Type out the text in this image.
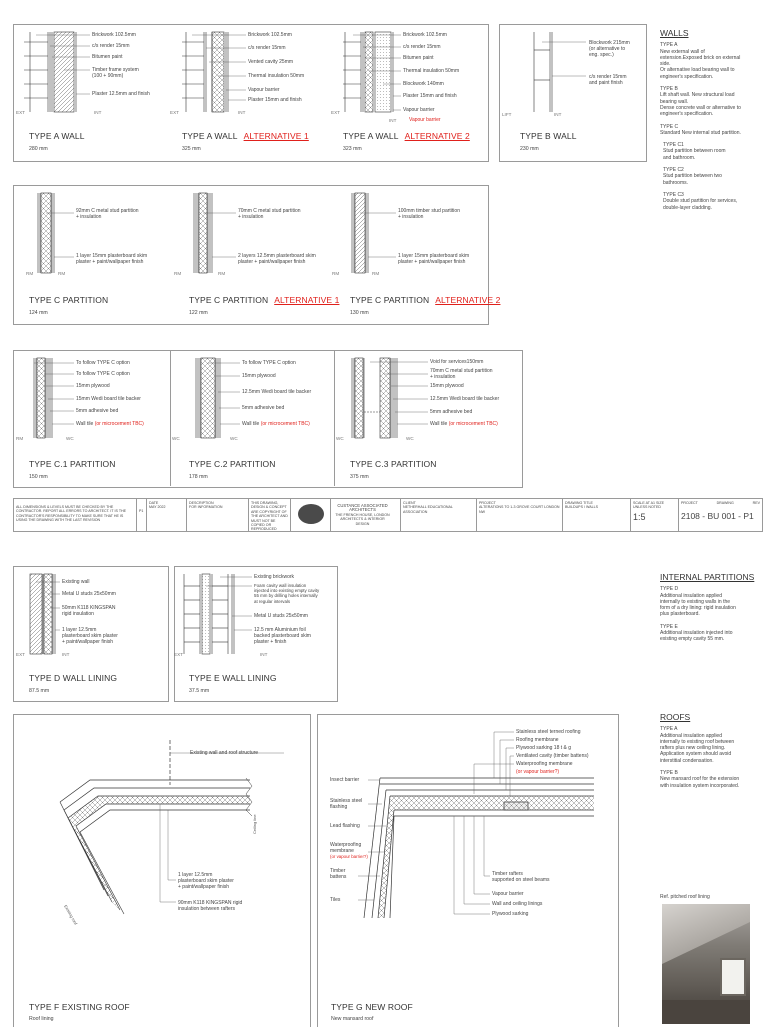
Brickwork 102.5mm
c/s render 15mm
Bitumen paint
Timber frame system
(100 + 90mm)
Plaster 12.5mm and finish
EXT	INT
TYPE A WALL
280 mm
Brickwork 102.5mm
c/s render 15mm
Vented cavity 25mm
Thermal insulation 50mm
Vapour barrier
Plaster 15mm and finish
EXT	INT
TYPE A WALL ALTERNATIVE 1
325 mm
Brickwork 102.5mm
c/s render 15mm
Bitumen paint
Thermal insulation 50mm
Blockwork 140mm
Plaster 15mm and finish
Vapour barrier
Vapour barrier
EXT
INT
TYPE A WALL ALTERNATIVE 2
323 mm
Blockwork 215mm
(or alternative to
eng. spec.)
c/s render 15mm
and paint finish
LIFT	INT
TYPE B WALL
230 mm
92mm C metal stud partition
+ insulation
1 layer 15mm plasterboard skim
plaster + paint/wallpaper finish
RM	RM
TYPE C PARTITION
124 mm
70mm C metal stud partition
+ insulation
2 layers 12.5mm plasterboard skim
plaster + paint/wallpaper finish
RM	RM
TYPE C PARTITION ALTERNATIVE 1
122 mm
100mm timber stud partition
+ insulation
1 layer 15mm plasterboard skim
plaster + paint/wallpaper finish
RM	RM
TYPE C PARTITION ALTERNATIVE 2
130 mm
To follow TYPE C option
To follow TYPE C option
15mm plywood
15mm Wedi board tile backer
5mm adhesive bed
Wall tile (or microcement TBC)
RM	WC
TYPE C.1 PARTITION
150 mm
To follow TYPE C option
15mm plywood
12.5mm Wedi board tile backer
5mm adhesive bed
Wall tile (or microcement TBC)
WC	WC
TYPE C.2 PARTITION
178 mm
Void for services150mm
70mm C metal stud partition
+ insulation
15mm plywood
12.5mm Wedi board tile backer
5mm adhesive bed
Wall tile (or microcement TBC)
WC	WC
TYPE C.3 PARTITION
375 mm
WALLS
TYPE A
New external wall of
extension.Exposed brick on external
side.
Or alternative load bearing wall to
engineer's specification.
TYPE B
Lift shaft wall. New structural load
bearing wall.
Dense concrete wall or alternative to
engineer's specification.
TYPE C
Standard New internal stud partition.
TYPE C1
Stud partition between room
and bathroom.
TYPE C2
Stud partition between two
bathrooms.
TYPE C3
Double stud partition for services,
double-layer cladding.
ALL DIMENSIONS & LEVELS MUST BE CHECKED BY THE CONTRACTOR. REPORT ALL ERRORS TO ARCHITECT. IT IS THE CONTRACTOR'S RESPONSIBILITY TO MAKE SURE THAT HE IS USING THE DRAWING WITH THE LAST REVISION
P1
DATE
MAY 2022
DESCRIPTION
FOR INFORMATION
THIS DRAWING, DESIGN & CONCEPT ARE COPYRIGHT OF THE ARCHITECT AND MUST NOT BE COPIED OR REPRODUCED
CUSTANCE ASSOCIATED ARCHITECTS
THE FRENCH HOUSE, LONDON ARCHITECTS & INTERIOR DESIGN
CLIENT
NETHERHALL EDUCATIONAL ASSOCIATION
PROJECT
ALTERATIONS TO 1-3 GROVE COURT LONDON NW
DRAWING TITLE
BUILDUPS / WALLS
SCALE AT A1 SIZE UNLESS NOTED
1:5
PROJECT	DRAWING	REV
2108 - BU 001 - P1
Existing wall
Metal U studs 25x50mm
50mm K118 KINGSPAN
rigid insulation
1 layer 12.5mm
plasterboard skim plaster
+ paint/wallpaper finish
EXT	INT
TYPE D WALL LINING
87.5 mm
Existing brickwork
Foam cavity wall insulation
injected into existing empty cavity
55 mm by drilling holes internally
at regular intervals
Metal U studs 25x50mm
12.5 mm Aluminium foil
backed plasterboard skim
plaster + finish
EXT	INT
TYPE E WALL LINING
37.5 mm
INTERNAL PARTITIONS
TYPE D
Additional insulation applied
internally to existing walls in the
form of a dry lining: rigid insulation
plus plasterboard.
TYPE E
Additional insulation injected into
existing empty cavity 55 mm.
ROOFS
TYPE A
Additional insulation applied
internally to existing roof between
rafters plus new ceiling lining.
Application system should avoid
interstitial condensation.
TYPE B
New mansard roof for the extension
with insulation system incorporated.
Ceiling line
Existing roof
Existing wall and roof structure
1 layer 12.5mm
plasterboard skim plaster
+ paint/wallpaper finish
90mm K118 KINGSPAN rigid
insulation between rafters
TYPE F EXISTING ROOF
Roof lining
Stainless steel terned roofing
Roofing membrane
Plywood sarking 18 t & g
Ventilated cavity (timber battens)
Waterproofing membrane
(or vapour barrier?)
Insect barrier
Stainless steel
flashing
Lead flashing
Waterproofing
membrane
(or vapour barrier?)
Timber
battens
Tiles
Timber rafters
supported on steel beams
Vapour barrier
Wall and ceiling linings
Plywood sarking
TYPE G NEW ROOF
New mansard roof
Ref. pitched roof lining
